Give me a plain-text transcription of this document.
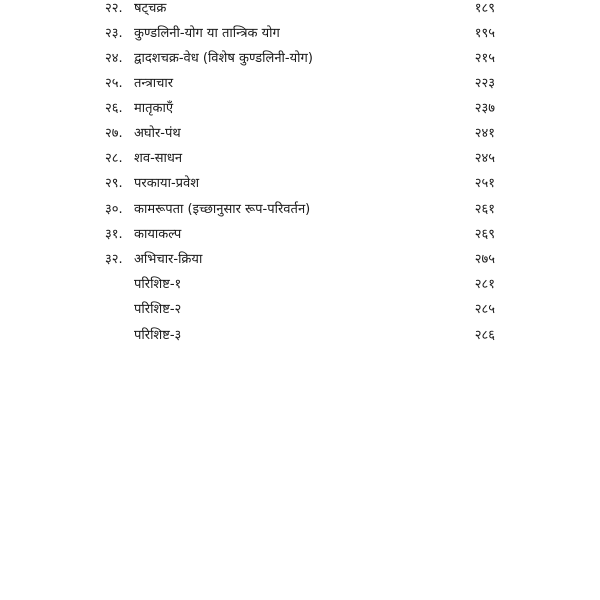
२२. षट्चक्र	१८९
२३. कुण्डलिनी-योग या तान्त्रिक योग	१९५
२४. द्वादशचक्र-वेध (विशेष कुण्डलिनी-योग)	२१५
२५. तन्त्राचार	२२३
२६. मातृकाएँ	२३७
२७. अघोर-पंथ	२४१
२८. शव-साधन	२४५
२९. परकाया-प्रवेश	२५१
३०. कामरूपता (इच्छानुसार रूप-परिवर्तन)	२६१
३१. कायाकल्प	२६९
३२. अभिचार-क्रिया	२७५
परिशिष्ट-१	२८१
परिशिष्ट-२	२८५
परिशिष्ट-३	२८६
